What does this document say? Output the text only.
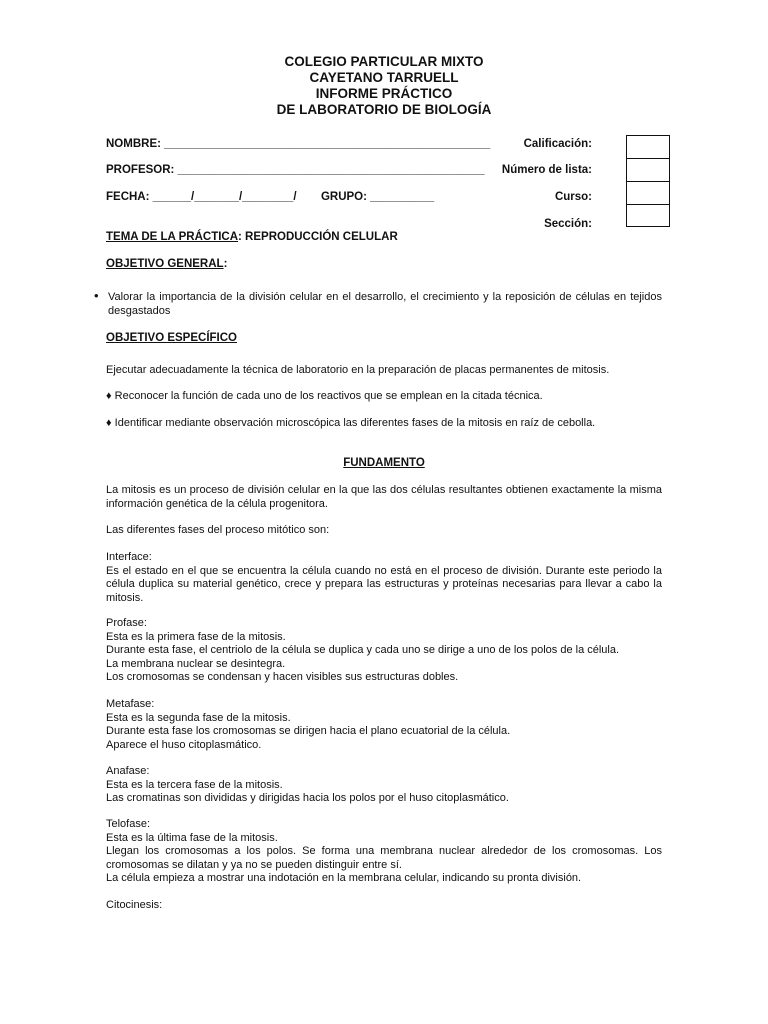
COLEGIO PARTICULAR MIXTO
CAYETANO TARRUELL
INFORME PRÁCTICO
DE LABORATORIO DE BIOLOGÍA
NOMBRE: ___________________________________________________
PROFESOR: ________________________________________________
FECHA: ______/_______/________/ GRUPO: __________
Calificación:
Número de lista:
Curso:
Sección:
TEMA DE LA PRÁCTICA: REPRODUCCIÓN CELULAR
OBJETIVO GENERAL:
• Valorar la importancia de la división celular en el desarrollo, el crecimiento y la reposición de células en tejidos desgastados

OBJETIVO ESPECÍFICO

Ejecutar adecuadamente la técnica de laboratorio en la preparación de placas permanentes de mitosis.

♦ Reconocer la función de cada uno de los reactivos que se emplean en la citada técnica.

♦ Identificar mediante observación microscópica las diferentes fases de la mitosis en raíz de cebolla.

FUNDAMENTO

La mitosis es un proceso de división celular en la que las dos células resultantes obtienen exactamente la misma información genética de la célula progenitora.

Las diferentes fases del proceso mitótico son:

Interface:

Es el estado en el que se encuentra la célula cuando no está en el proceso de división. Durante este periodo la célula duplica su material genético, crece y prepara las estructuras y proteínas necesarias para llevar a cabo la mitosis.

Profase:

Esta es la primera fase de la mitosis.

Durante esta fase, el centriolo de la célula se duplica y cada uno se dirige a uno de los polos de la célula.

La membrana nuclear se desintegra.

Los cromosomas se condensan y hacen visibles sus estructuras dobles.

Metafase:

Esta es la segunda fase de la mitosis.

Durante esta fase los cromosomas se dirigen hacia el plano ecuatorial de la célula.

Aparece el huso citoplasmático.

Anafase:

Esta es la tercera fase de la mitosis.

Las cromatinas son divididas y dirigidas hacia los polos por el huso citoplasmático.

Telofase:

Esta es la última fase de la mitosis.

Llegan los cromosomas a los polos. Se forma una membrana nuclear alrededor de los cromosomas. Los cromosomas se dilatan y ya no se pueden distinguir entre sí.

La célula empieza a mostrar una indotación en la membrana celular, indicando su pronta división.

Citocinesis:
